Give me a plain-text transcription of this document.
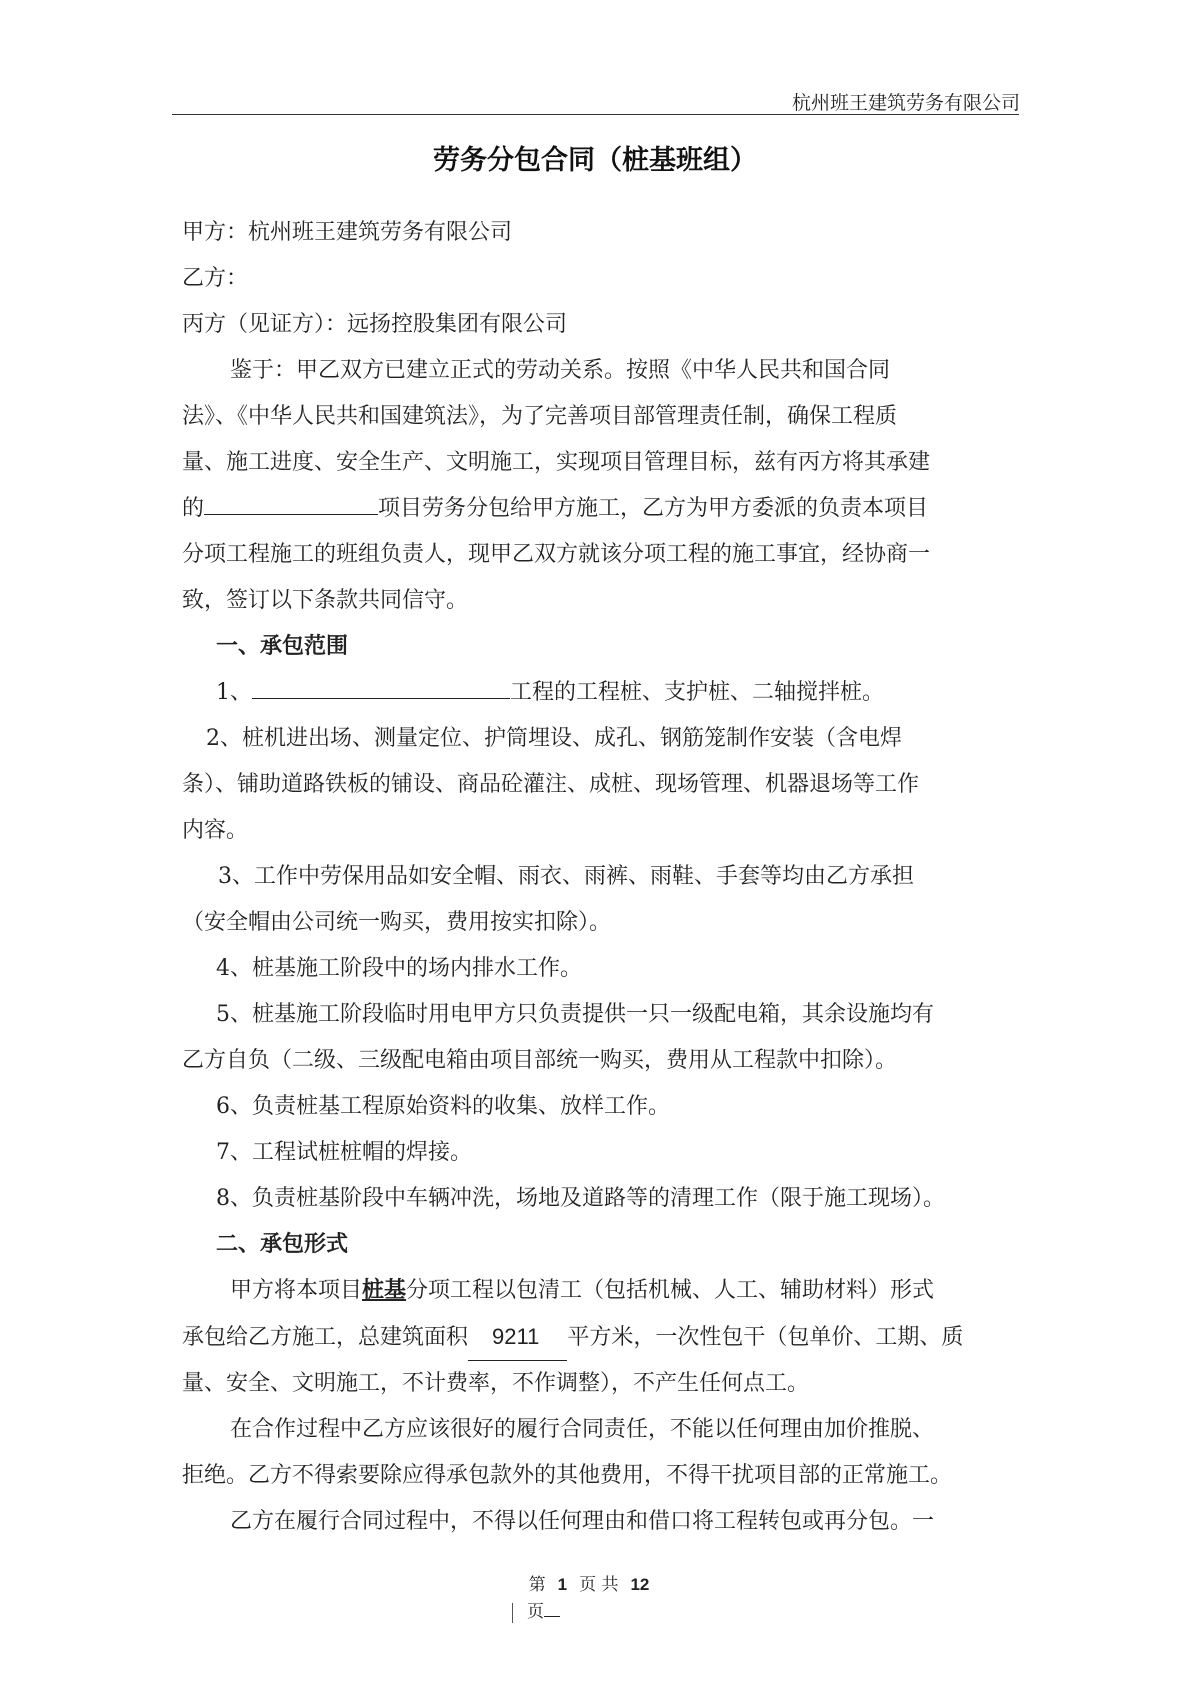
杭州班王建筑劳务有限公司
劳务分包合同（桩基班组）
甲方：杭州班王建筑劳务有限公司
乙方：
丙方（见证方）：远扬控股集团有限公司
鉴于：甲乙双方已建立正式的劳动关系。按照《中华人民共和国合同
法》、《中华人民共和国建筑法》，为了完善项目部管理责任制，确保工程质
量、施工进度、安全生产、文明施工，实现项目管理目标，兹有丙方将其承建
的	项目劳务分包给甲方施工，乙方为甲方委派的负责本项目
分项工程施工的班组负责人，现甲乙双方就该分项工程的施工事宜，经协商一
致，签订以下条款共同信守。
一、承包范围
1、	工程的工程桩、支护桩、二轴搅拌桩。
2、桩机进出场、测量定位、护筒埋设、成孔、钢筋笼制作安装（含电焊
条）、铺助道路铁板的铺设、商品砼灌注、成桩、现场管理、机器退场等工作
内容。
3、工作中劳保用品如安全帽、雨衣、雨裤、雨鞋、手套等均由乙方承担
（安全帽由公司统一购买，费用按实扣除）。
4、桩基施工阶段中的场内排水工作。
5、桩基施工阶段临时用电甲方只负责提供一只一级配电箱，其余设施均有
乙方自负（二级、三级配电箱由项目部统一购买，费用从工程款中扣除）。
6、负责桩基工程原始资料的收集、放样工作。
7、工程试桩桩帽的焊接。
8、负责桩基阶段中车辆冲洗，场地及道路等的清理工作（限于施工现场）。
二、承包形式
甲方将本项目桩基分项工程以包清工（包括机械、人工、辅助材料）形式
承包给乙方施工，总建筑面积 9211 平方米，一次性包干（包单价、工期、质
量、安全、文明施工，不计费率，不作调整），不产生任何点工。
在合作过程中乙方应该很好的履行合同责任，不能以任何理由加价推脱、
拒绝。乙方不得索要除应得承包款外的其他费用，不得干扰项目部的正常施工。
乙方在履行合同过程中，不得以任何理由和借口将工程转包或再分包。一
第 1 页 共 12
页
